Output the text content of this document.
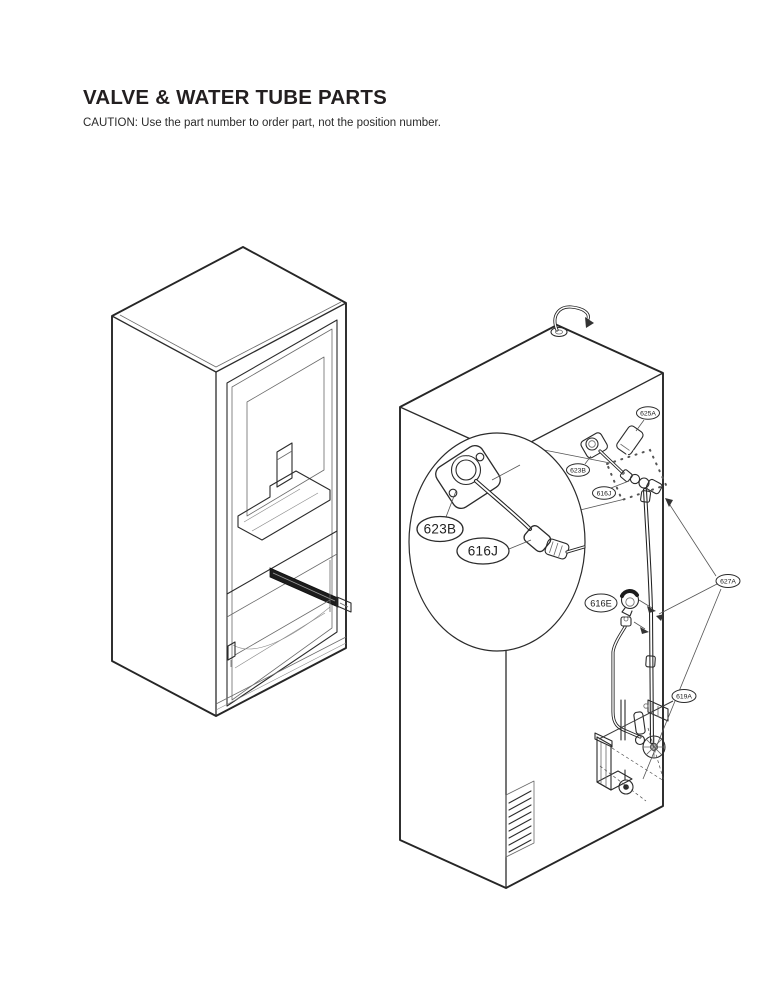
VALVE & WATER TUBE PARTS

CAUTION: Use the part number to order part, not the position number.

623B
616J
623B
616J
625A
627A
616E
619A
